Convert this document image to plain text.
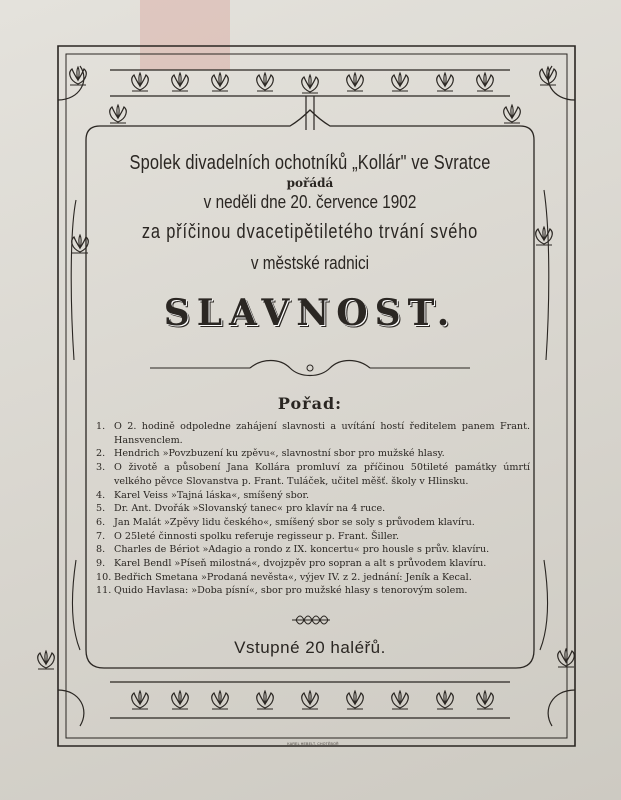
Spolek divadelních ochotníků „Kollár" ve Svratce
pořádá
v neděli dne 20. července 1902
za příčinou dvacetipětiletého trvání svého
v městské radnici
SLAVNOST.
Pořad:
1. O 2. hodině odpoledne zahájení slavnosti a uvítání hostí ředitelem panem Frant. Hansvenclem.
2. Hendrich »Povzbuzení ku zpěvu«, slavnostní sbor pro mužské hlasy.
3. O životě a působení Jana Kollára promluví za příčinou 50tileté památky úmrtí velkého pěvce Slovanstva p. Frant. Tuláček, učitel měšť. školy v Hlinsku.
4. Karel Veiss »Tajná láska«, smíšený sbor.
5. Dr. Ant. Dvořák »Slovanský tanec« pro klavír na 4 ruce.
6. Jan Malát »Zpěvy lidu českého«, smíšený sbor se soly s průvodem klavíru.
7. O 25leté činnosti spolku referuje regisseur p. Frant. Šiller.
8. Charles de Bériot »Adagio a rondo z IX. koncertu« pro housle s prův. klavíru.
9. Karel Bendl »Píseň milostná«, dvojzpěv pro sopran a alt s průvodem klavíru.
10. Bedřich Smetana »Prodaná nevěsta«, výjev IV. z 2. jednání: Jeník a Kecal.
11. Quido Havlasa: »Doba písní«, sbor pro mužské hlasy s tenorovým solem.
Vstupné 20 haléřů.
KAREL HEBELT, CHOTĚBOŘ
